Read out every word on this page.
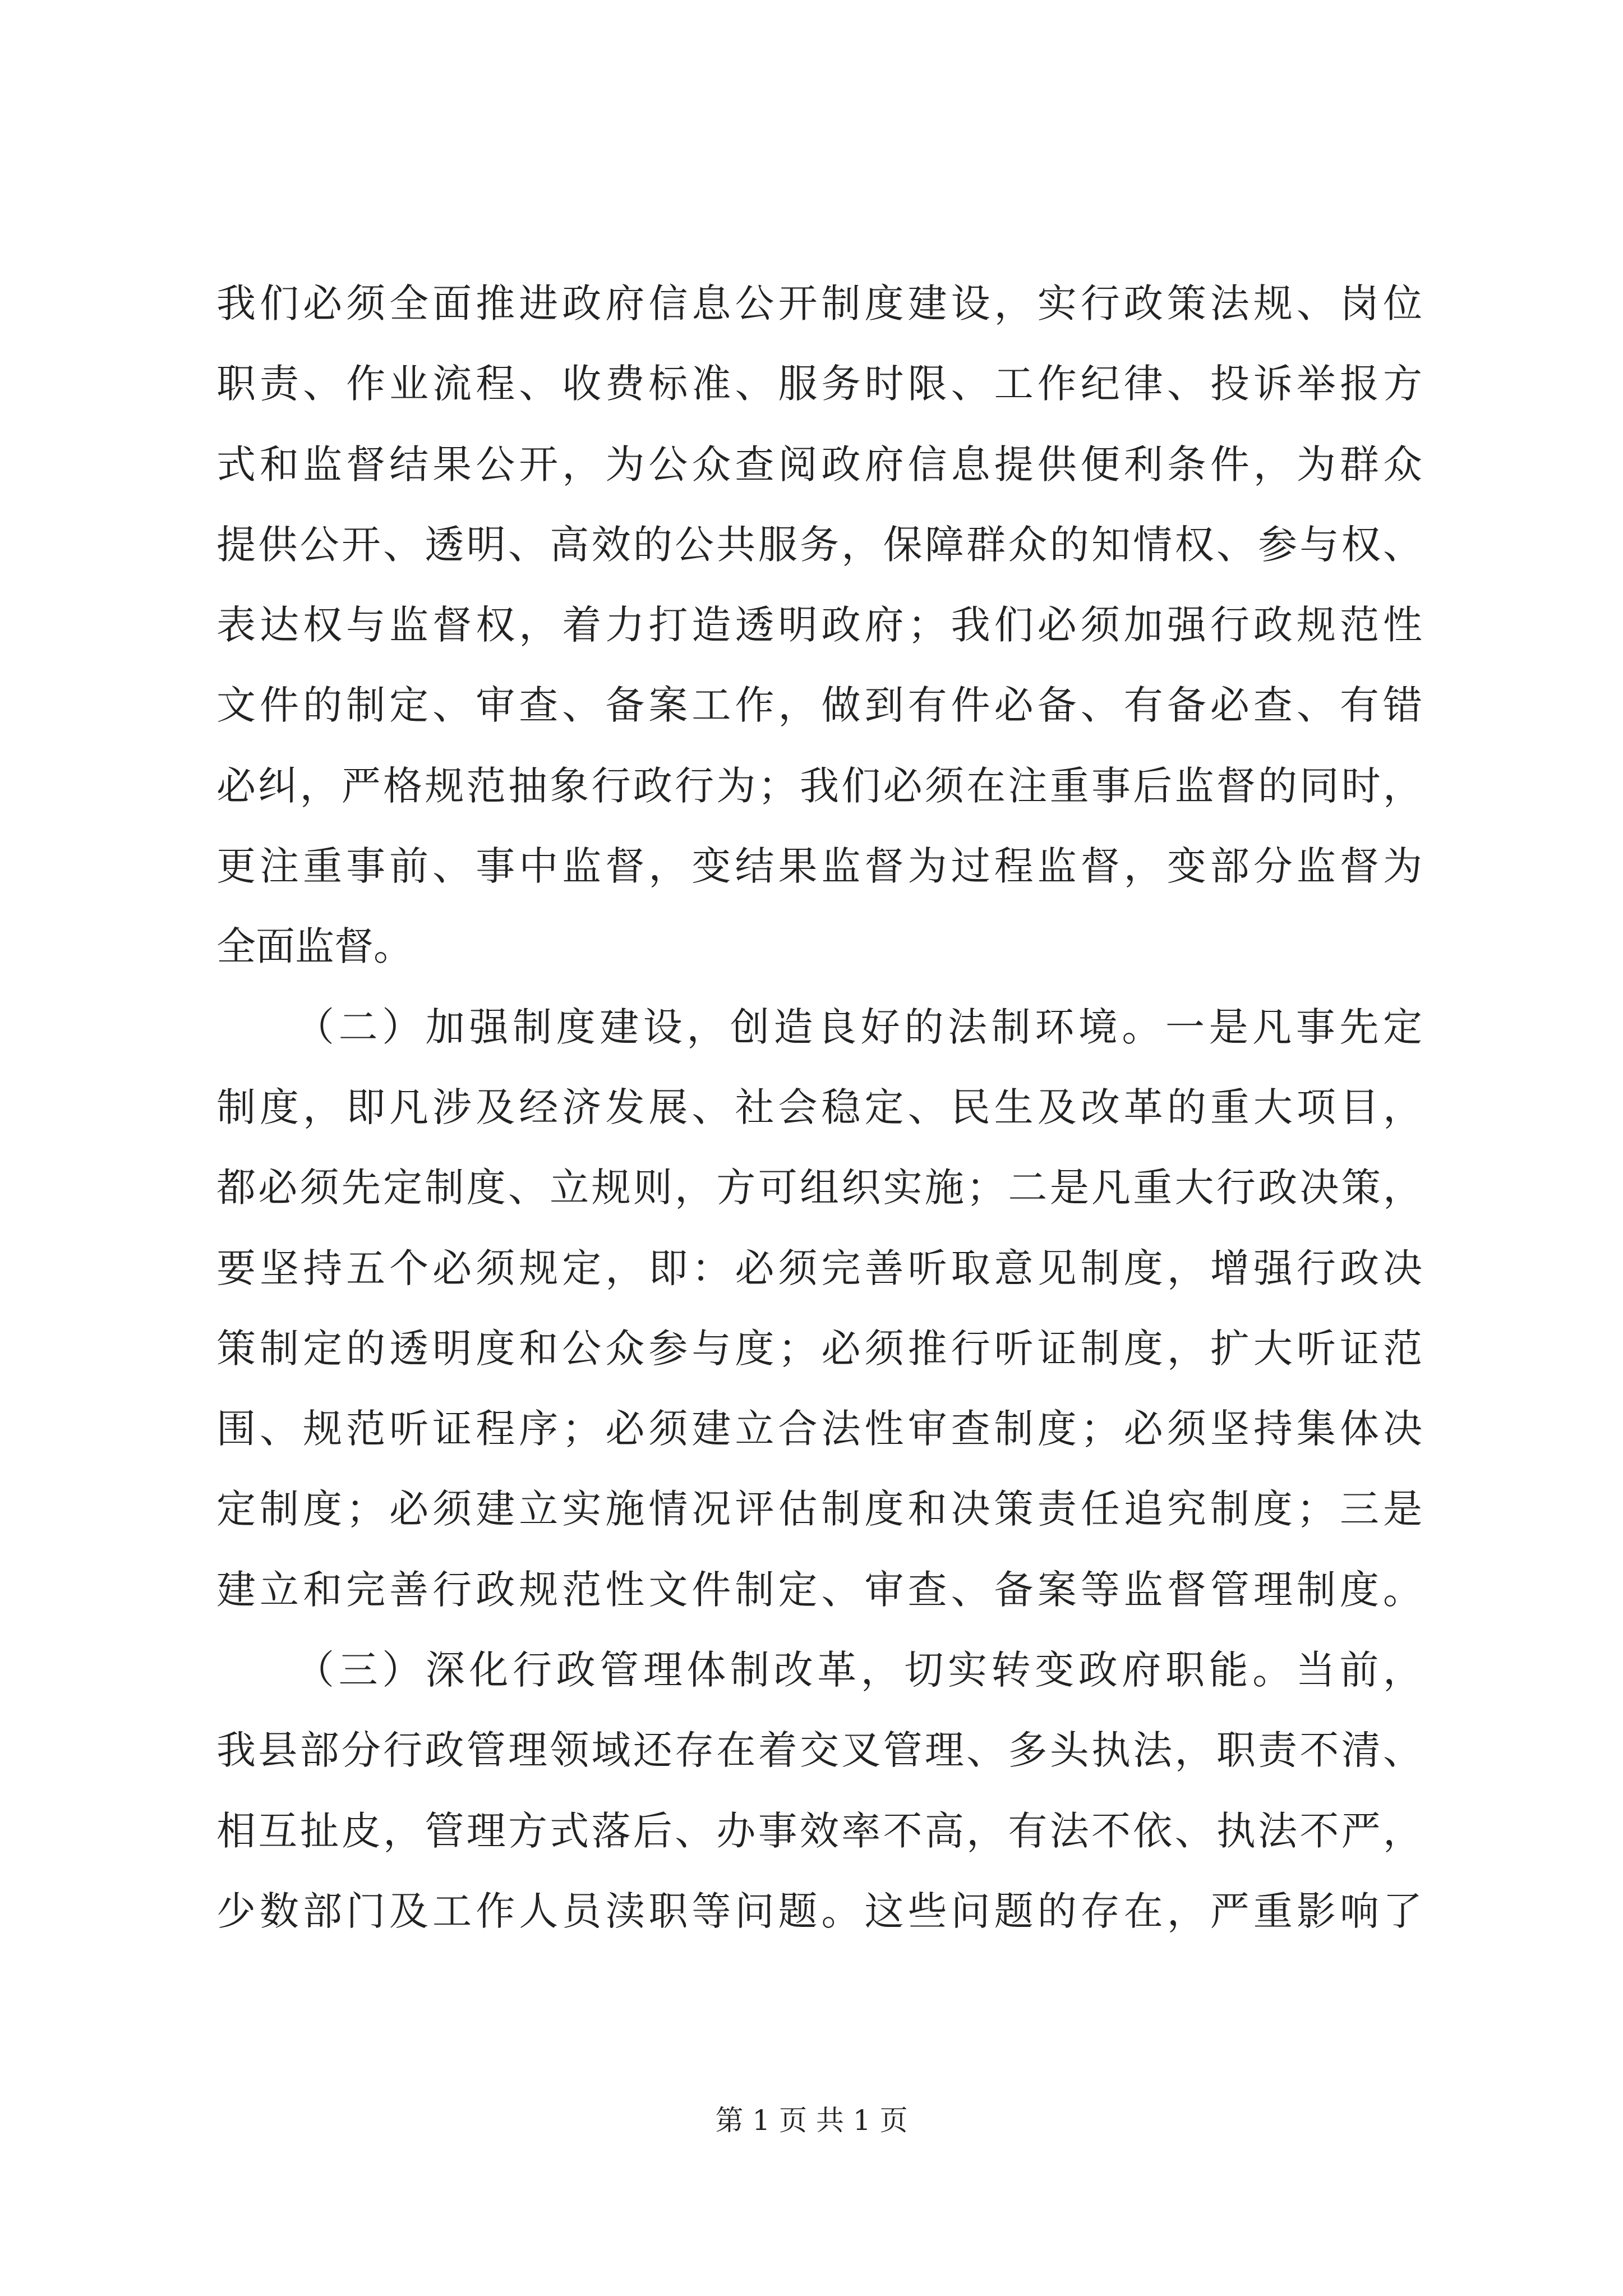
我们必须全面推进政府信息公开制度建设，实行政策法规、岗位
职责、作业流程、收费标准、服务时限、工作纪律、投诉举报方
式和监督结果公开，为公众查阅政府信息提供便利条件，为群众
提供公开、透明、高效的公共服务，保障群众的知情权、参与权、
表达权与监督权，着力打造透明政府；我们必须加强行政规范性
文件的制定、审查、备案工作，做到有件必备、有备必查、有错
必纠，严格规范抽象行政行为；我们必须在注重事后监督的同时，
更注重事前、事中监督，变结果监督为过程监督，变部分监督为
全面监督。
（二）加强制度建设，创造良好的法制环境。一是凡事先定
制度，即凡涉及经济发展、社会稳定、民生及改革的重大项目，
都必须先定制度、立规则，方可组织实施；二是凡重大行政决策，
要坚持五个必须规定，即：必须完善听取意见制度，增强行政决
策制定的透明度和公众参与度；必须推行听证制度，扩大听证范
围、规范听证程序；必须建立合法性审查制度；必须坚持集体决
定制度；必须建立实施情况评估制度和决策责任追究制度；三是
建立和完善行政规范性文件制定、审查、备案等监督管理制度。
（三）深化行政管理体制改革，切实转变政府职能。当前，
我县部分行政管理领域还存在着交叉管理、多头执法，职责不清、
相互扯皮，管理方式落后、办事效率不高，有法不依、执法不严，
少数部门及工作人员渎职等问题。这些问题的存在，严重影响了
第 1 页 共 1 页
